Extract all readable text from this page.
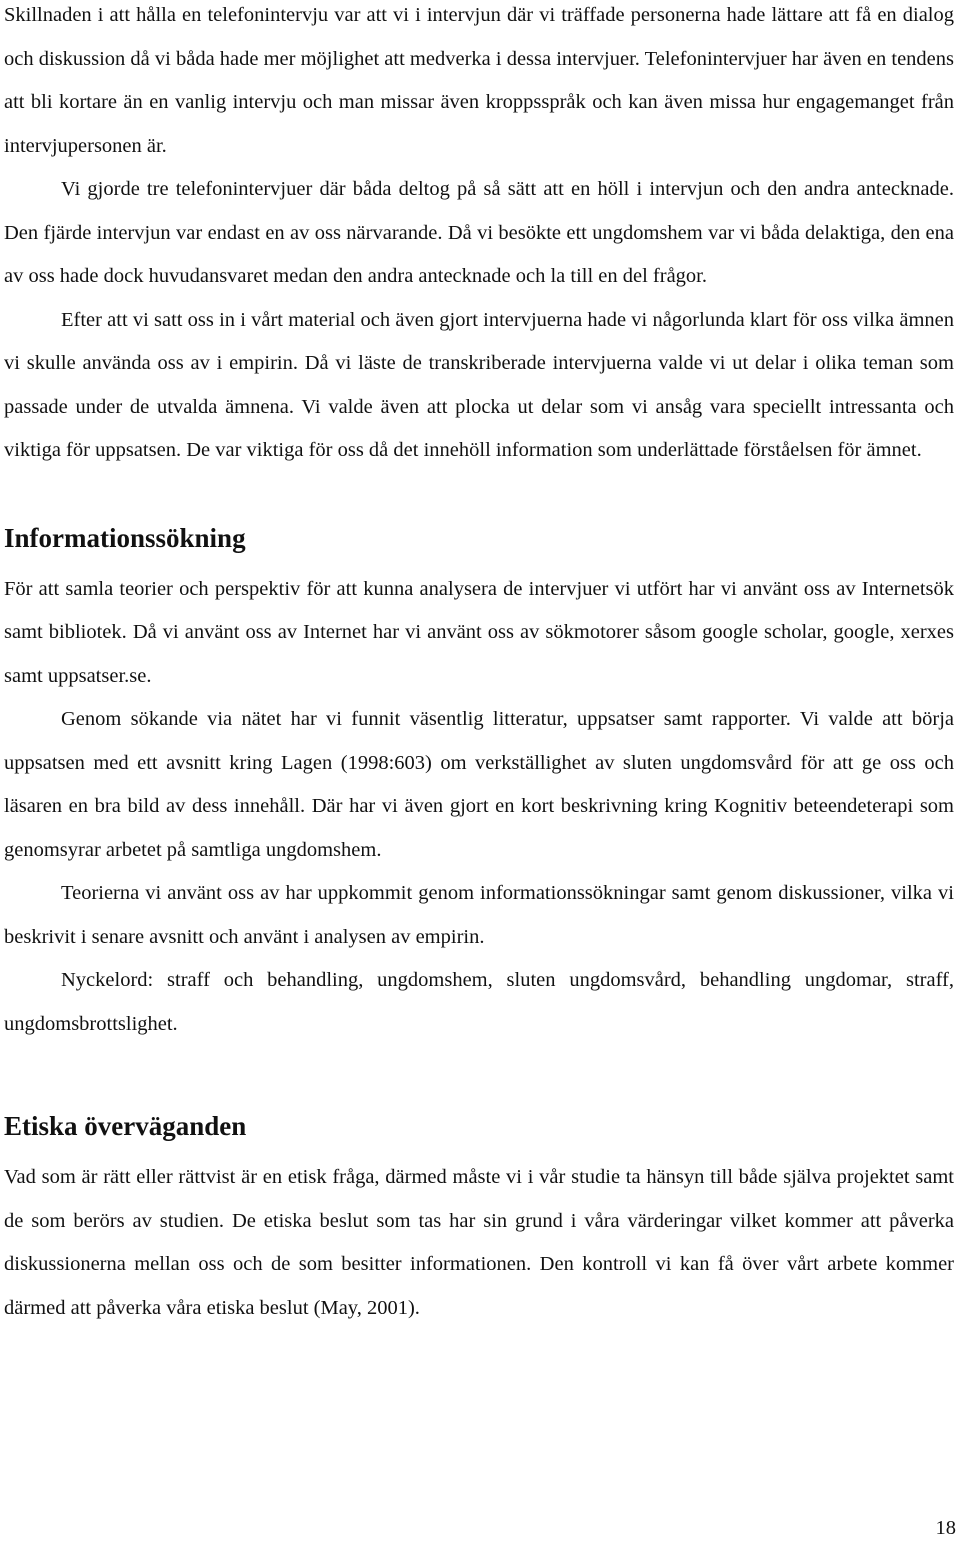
Skillnaden i att hålla en telefonintervju var att vi i intervjun där vi träffade personerna hade lättare att få en dialog och diskussion då vi båda hade mer möjlighet att medverka i dessa intervjuer. Telefonintervjuer har även en tendens att bli kortare än en vanlig intervju och man missar även kroppsspråk och kan även missa hur engagemanget från intervjupersonen är.

Vi gjorde tre telefonintervjuer där båda deltog på så sätt att en höll i intervjun och den andra antecknade. Den fjärde intervjun var endast en av oss närvarande. Då vi besökte ett ungdomshem var vi båda delaktiga, den ena av oss hade dock huvudansvaret medan den andra antecknade och la till en del frågor.

Efter att vi satt oss in i vårt material och även gjort intervjuerna hade vi någorlunda klart för oss vilka ämnen vi skulle använda oss av i empirin. Då vi läste de transkriberade intervjuerna valde vi ut delar i olika teman som passade under de utvalda ämnena. Vi valde även att plocka ut delar som vi ansåg vara speciellt intressanta och viktiga för uppsatsen. De var viktiga för oss då det innehöll information som underlättade förståelsen för ämnet.

Informationssökning

För att samla teorier och perspektiv för att kunna analysera de intervjuer vi utfört har vi använt oss av Internetsök samt bibliotek. Då vi använt oss av Internet har vi använt oss av sökmotorer såsom google scholar, google, xerxes samt uppsatser.se.

Genom sökande via nätet har vi funnit väsentlig litteratur, uppsatser samt rapporter. Vi valde att börja uppsatsen med ett avsnitt kring Lagen (1998:603) om verkställighet av sluten ungdomsvård för att ge oss och läsaren en bra bild av dess innehåll. Där har vi även gjort en kort beskrivning kring Kognitiv beteendeterapi som genomsyrar arbetet på samtliga ungdomshem.

Teorierna vi använt oss av har uppkommit genom informationssökningar samt genom diskussioner, vilka vi beskrivit i senare avsnitt och använt i analysen av empirin.

Nyckelord: straff och behandling, ungdomshem, sluten ungdomsvård, behandling ungdomar, straff, ungdomsbrottslighet.

Etiska överväganden

Vad som är rätt eller rättvist är en etisk fråga, därmed måste vi i vår studie ta hänsyn till både själva projektet samt de som berörs av studien. De etiska beslut som tas har sin grund i våra värderingar vilket kommer att påverka diskussionerna mellan oss och de som besitter informationen. Den kontroll vi kan få över vårt arbete kommer därmed att påverka våra etiska beslut (May, 2001).

18
